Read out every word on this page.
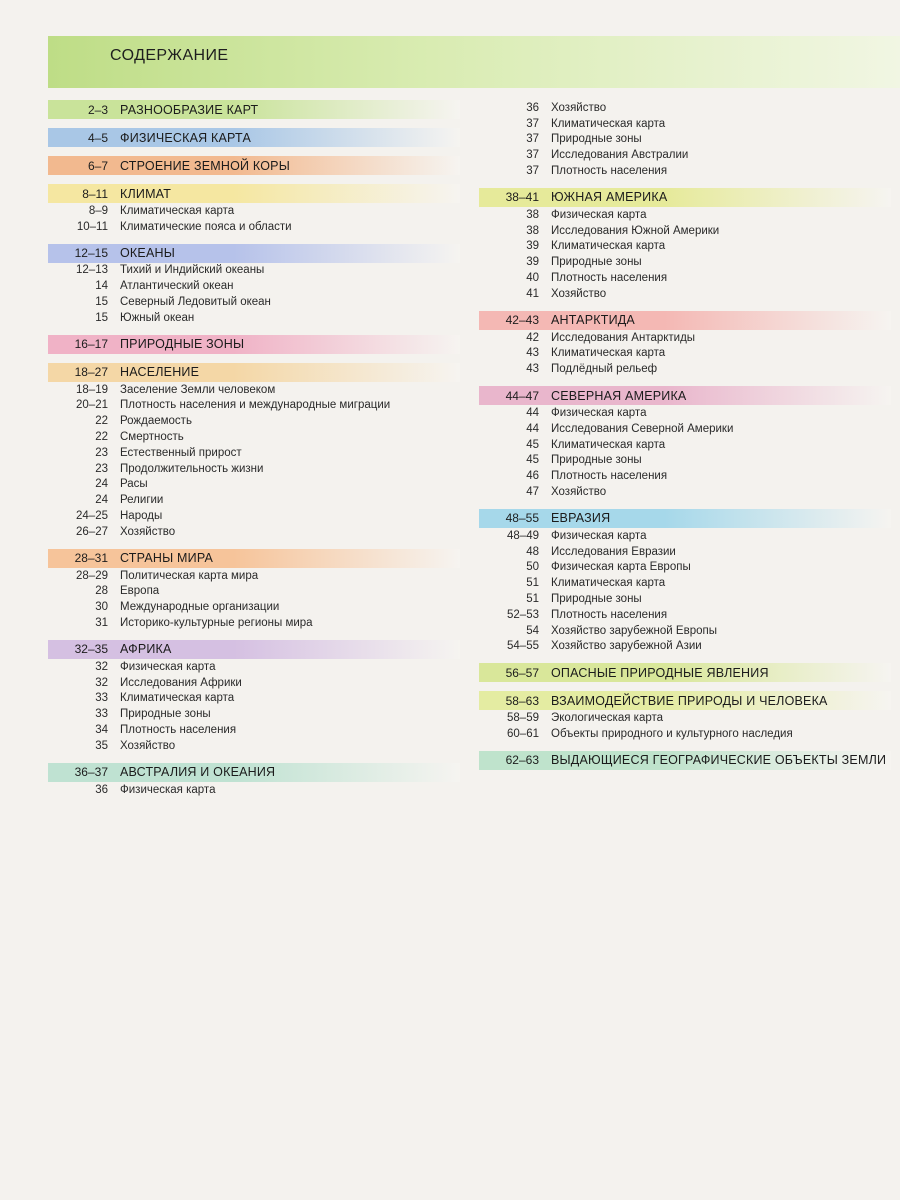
СОДЕРЖАНИЕ
2–3 РАЗНООБРАЗИЕ КАРТ
4–5 ФИЗИЧЕСКАЯ КАРТА
6–7 СТРОЕНИЕ ЗЕМНОЙ КОРЫ
8–11 КЛИМАТ
8–9 Климатическая карта
10–11 Климатические пояса и области
12–15 ОКЕАНЫ
12–13 Тихий и Индийский океаны
14 Атлантический океан
15 Северный Ледовитый океан
15 Южный океан
16–17 ПРИРОДНЫЕ ЗОНЫ
18–27 НАСЕЛЕНИЕ
18–19 Заселение Земли человеком
20–21 Плотность населения и международные миграции
22 Рождаемость
22 Смертность
23 Естественный прирост
23 Продолжительность жизни
24 Расы
24 Религии
24–25 Народы
26–27 Хозяйство
28–31 СТРАНЫ МИРА
28–29 Политическая карта мира
28 Европа
30 Международные организации
31 Историко-культурные регионы мира
32–35 АФРИКА
32 Физическая карта
32 Исследования Африки
33 Климатическая карта
33 Природные зоны
34 Плотность населения
35 Хозяйство
36–37 АВСТРАЛИЯ И ОКЕАНИЯ
36 Физическая карта
36 Хозяйство
37 Климатическая карта
37 Природные зоны
37 Исследования Австралии
37 Плотность населения
38–41 ЮЖНАЯ АМЕРИКА
38 Физическая карта
38 Исследования Южной Америки
39 Климатическая карта
39 Природные зоны
40 Плотность населения
41 Хозяйство
42–43 АНТАРКТИДА
42 Исследования Антарктиды
43 Климатическая карта
43 Подлёдный рельеф
44–47 СЕВЕРНАЯ АМЕРИКА
44 Физическая карта
44 Исследования Северной Америки
45 Климатическая карта
45 Природные зоны
46 Плотность населения
47 Хозяйство
48–55 ЕВРАЗИЯ
48–49 Физическая карта
48 Исследования Евразии
50 Физическая карта Европы
51 Климатическая карта
51 Природные зоны
52–53 Плотность населения
54 Хозяйство зарубежной Европы
54–55 Хозяйство зарубежной Азии
56–57 ОПАСНЫЕ ПРИРОДНЫЕ ЯВЛЕНИЯ
58–63 ВЗАИМОДЕЙСТВИЕ ПРИРОДЫ И ЧЕЛОВЕКА
58–59 Экологическая карта
60–61 Объекты природного и культурного наследия
62–63 ВЫДАЮЩИЕСЯ ГЕОГРАФИЧЕСКИЕ ОБЪЕКТЫ ЗЕМЛИ
